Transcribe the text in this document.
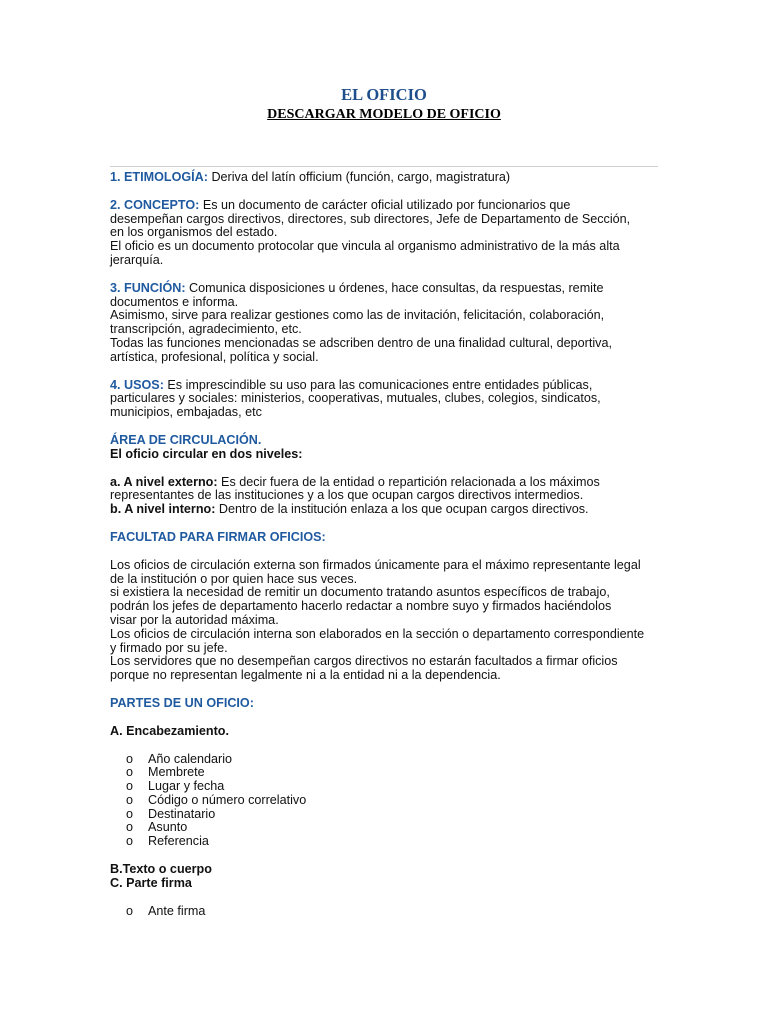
EL OFICIO
DESCARGAR MODELO DE OFICIO

1. ETIMOLOGÍA: Deriva del latín officium (función, cargo, magistratura)

2. CONCEPTO: Es un documento de carácter oficial utilizado por funcionarios que

desempeñan cargos directivos, directores, sub directores, Jefe de Departamento de Sección,

en los organismos del estado.

El oficio es un documento protocolar que vincula al organismo administrativo de la más alta

jerarquía.

3. FUNCIÓN: Comunica disposiciones u órdenes, hace consultas, da respuestas, remite

documentos e informa.

Asimismo, sirve para realizar gestiones como las de invitación, felicitación, colaboración,

transcripción, agradecimiento, etc.

Todas las funciones mencionadas se adscriben dentro de una finalidad cultural, deportiva,

artística, profesional, política y social.

4. USOS: Es imprescindible su uso para las comunicaciones entre entidades públicas,

particulares y sociales: ministerios, cooperativas, mutuales, clubes, colegios, sindicatos,

municipios, embajadas, etc

ÁREA DE CIRCULACIÓN.

El oficio circular en dos niveles:

a. A nivel externo: Es decir fuera de la entidad o repartición relacionada a los máximos

representantes de las instituciones y a los que ocupan cargos directivos intermedios.

b. A nivel interno: Dentro de la institución enlaza a los que ocupan cargos directivos.

FACULTAD PARA FIRMAR OFICIOS:

Los oficios de circulación externa son firmados únicamente para el máximo representante legal

de la institución o por quien hace sus veces.

si existiera la necesidad de remitir un documento tratando asuntos específicos de trabajo,

podrán los jefes de departamento hacerlo redactar a nombre suyo y firmados haciéndolos

visar por la autoridad máxima.

Los oficios de circulación interna son elaborados en la sección o departamento correspondiente

y firmado por su jefe.

Los servidores que no desempeñan cargos directivos no estarán facultados a firmar oficios

porque no representan legalmente ni a la entidad ni a la dependencia.

PARTES DE UN OFICIO:

A. Encabezamiento.

o Año calendario
o Membrete
o Lugar y fecha
o Código o número correlativo
o Destinatario
o Asunto
o Referencia

B.Texto o cuerpo

C. Parte firma

o Ante firma
